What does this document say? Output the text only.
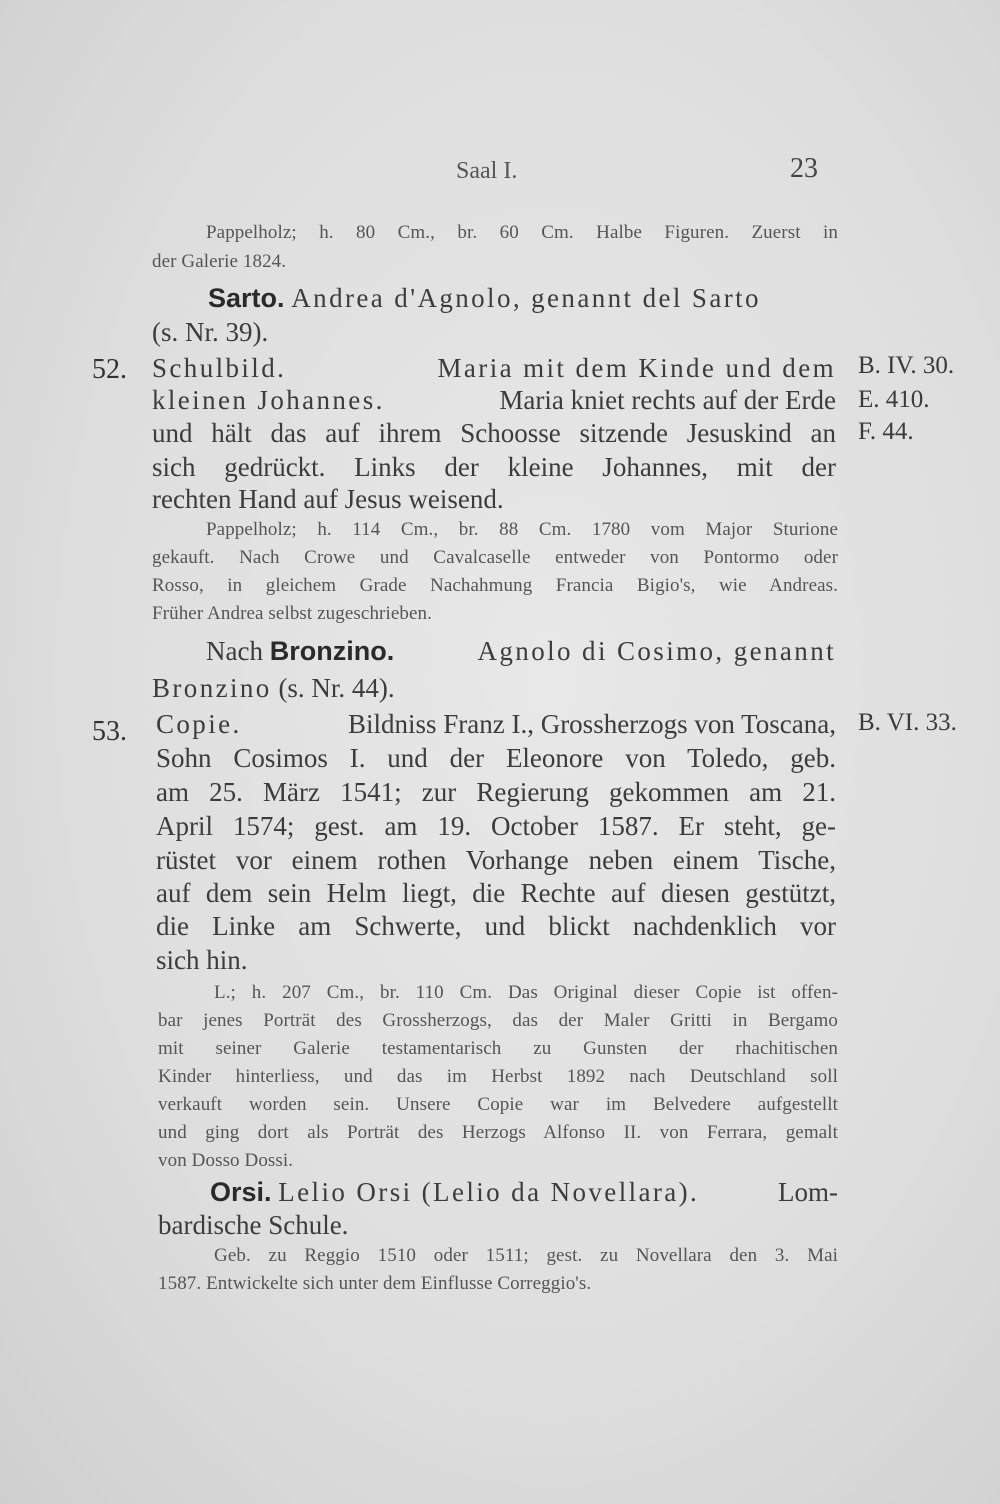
Saal I.	23
Pappelholz; h. 80 Cm., br. 60 Cm. Halbe Figuren. Zuerst in
der Galerie 1824.
Sarto. Andrea d'Agnolo, genannt del Sarto
(s. Nr. 39).
52. Schulbild.	Maria mit dem Kinde und dem
kleinen Johannes.	Maria kniet rechts auf der Erde
und hält das auf ihrem Schoosse sitzende Jesuskind an
sich gedrückt. Links der kleine Johannes, mit der
rechten Hand auf Jesus weisend.
B. IV. 30.
E. 410.
F. 44.
Pappelholz; h. 114 Cm., br. 88 Cm. 1780 vom Major Sturione
gekauft. Nach Crowe und Cavalcaselle entweder von Pontormo oder
Rosso, in gleichem Grade Nachahmung Francia Bigio's, wie Andreas.
Früher Andrea selbst zugeschrieben.
Nach Bronzino.	Agnolo di Cosimo, genannt
Bronzino (s. Nr. 44).
53. Copie.	Bildniss Franz I., Grossherzogs von Toscana,
Sohn Cosimos I. und der Eleonore von Toledo, geb.
am 25. März 1541; zur Regierung gekommen am 21.
April 1574; gest. am 19. October 1587. Er steht, ge-
rüstet vor einem rothen Vorhange neben einem Tische,
auf dem sein Helm liegt, die Rechte auf diesen gestützt,
die Linke am Schwerte, und blickt nachdenklich vor
sich hin.
B. VI. 33.
L.; h. 207 Cm., br. 110 Cm. Das Original dieser Copie ist offen-
bar jenes Porträt des Grossherzogs, das der Maler Gritti in Bergamo
mit seiner Galerie testamentarisch zu Gunsten der rhachitischen
Kinder hinterliess, und das im Herbst 1892 nach Deutschland soll
verkauft worden sein. Unsere Copie war im Belvedere aufgestellt
und ging dort als Porträt des Herzogs Alfonso II. von Ferrara, gemalt
von Dosso Dossi.
Orsi. Lelio Orsi (Lelio da Novellara).	Lom-
bardische Schule.
Geb. zu Reggio 1510 oder 1511; gest. zu Novellara den 3. Mai
1587. Entwickelte sich unter dem Einflusse Correggio's.
